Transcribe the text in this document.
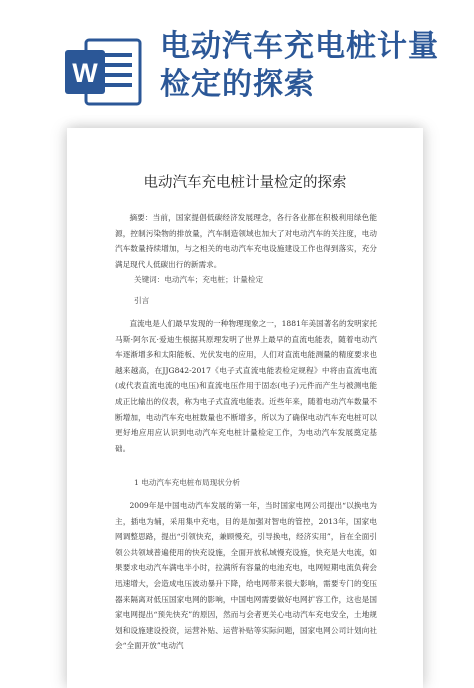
W
电动汽车充电桩计量检定的探索
电动汽车充电桩计量检定的探索

摘要：当前，国家提倡低碳经济发展理念，各行各业都在积极利用绿色能源，控制污染物的排放量，汽车制造领域也加大了对电动汽车的关注度，电动汽车数量持续增加，与之相关的电动汽车充电设施建设工作也得到落实，充分满足现代人低碳出行的新需求。

关键词：电动汽车；充电桩；计量检定

引言

直流电是人们最早发现的一种物理现象之一，1881年美国著名的发明家托马斯·阿尔瓦·爱迪生根据其原理发明了世界上最早的直流电能表，随着电动汽车逐渐增多和太阳能板、光伏发电的应用，人们对直流电能测量的精度要求也越来越高，在JJG842-2017《电子式直流电能表检定规程》中将由直流电流(或代表直流电流的电压)和直流电压作用于固态(电子)元件而产生与被测电能成正比输出的仪表，称为电子式直流电能表。近些年来，随着电动汽车数量不断增加，电动汽车充电桩数量也不断增多，所以为了确保电动汽车充电桩可以更好地应用应认识到电动汽车充电桩计量检定工作，为电动汽车发展奠定基础。

1 电动汽车充电桩布局现状分析

2009年是中国电动汽车发展的第一年，当时国家电网公司提出“以换电为主，插电为辅，采用集中充电，目的是加强对智电的管控，2013年，国家电网调整思路，提出“引领快充，兼顾慢充，引导换电，经济实用”，旨在全面引领公共领域普遍使用的快充设施，全面开放私域慢充设施，快充是大电流，如果要求电动汽车满电半小时，拉满所有容量的电池充电，电网短期电流负荷会迅速增大，会造成电压波动暴升下降，给电网带来很大影响，需要专门的变压器来隔离对低压国家电网的影响，中国电网需要做好电网扩容工作，这也是国家电网提出“预先快充”的原因，然而与会者更关心电动汽车充电安全，土地规划和设施建设投资，运营补贴、运营补贴等实际问题，国家电网公司计划向社会“全面开放”电动汽
